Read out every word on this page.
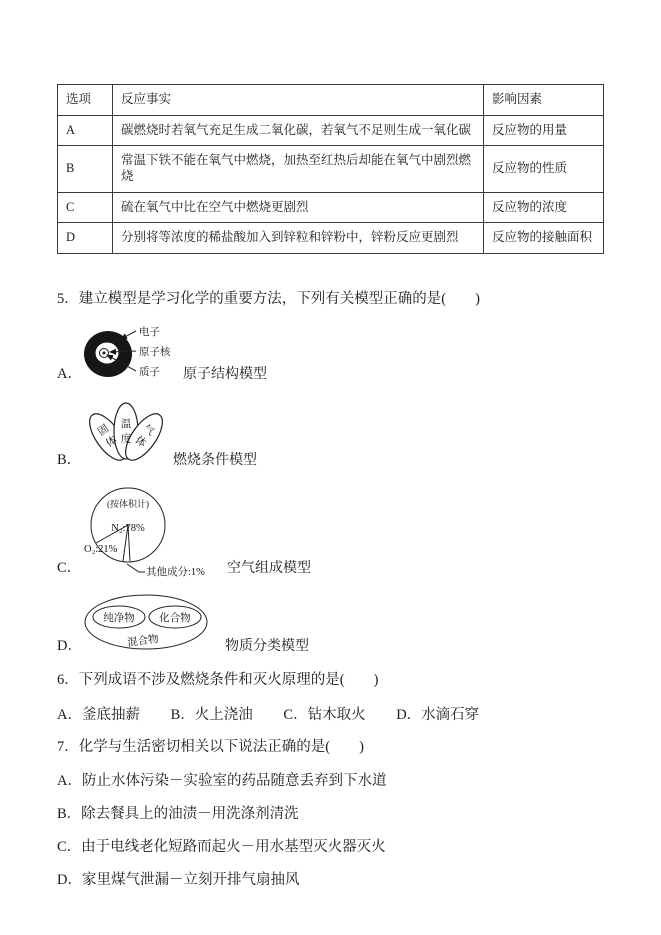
选项	反应事实	影响因素
A	碳燃烧时若氧气充足生成二氧化碳，若氧气不足则生成一氧化碳	反应物的用量
B	常温下铁不能在氧气中燃烧，加热至红热后却能在氧气中剧烈燃烧	反应物的性质
C	硫在氧气中比在空气中燃烧更剧烈	反应物的浓度
D	分别将等浓度的稀盐酸加入到锌粒和锌粉中，锌粉反应更剧烈	反应物的接触面积

5．建立模型是学习化学的重要方法，下列有关模型正确的是(　　)

A．
电子
原子核
质子 原子结构模型
B．
固
体
温
度
气
体
燃烧条件模型
C．
(按体积计)
N₂:78%
O₂:21%
其他成分:1% 空气组成模型
D．
纯净物 化合物
混合物	物质分类模型

6．下列成语不涉及燃烧条件和灭火原理的是(　　)

A．釜底抽薪 B．火上浇油 C．钻木取火 D．水滴石穿

7．化学与生活密切相关以下说法正确的是(　　)

A．防止水体污染－实验室的药品随意丢弃到下水道

B．除去餐具上的油渍－用洗涤剂清洗

C．由于电线老化短路而起火－用水基型灭火器灭火

D．家里煤气泄漏－立刻开排气扇抽风
